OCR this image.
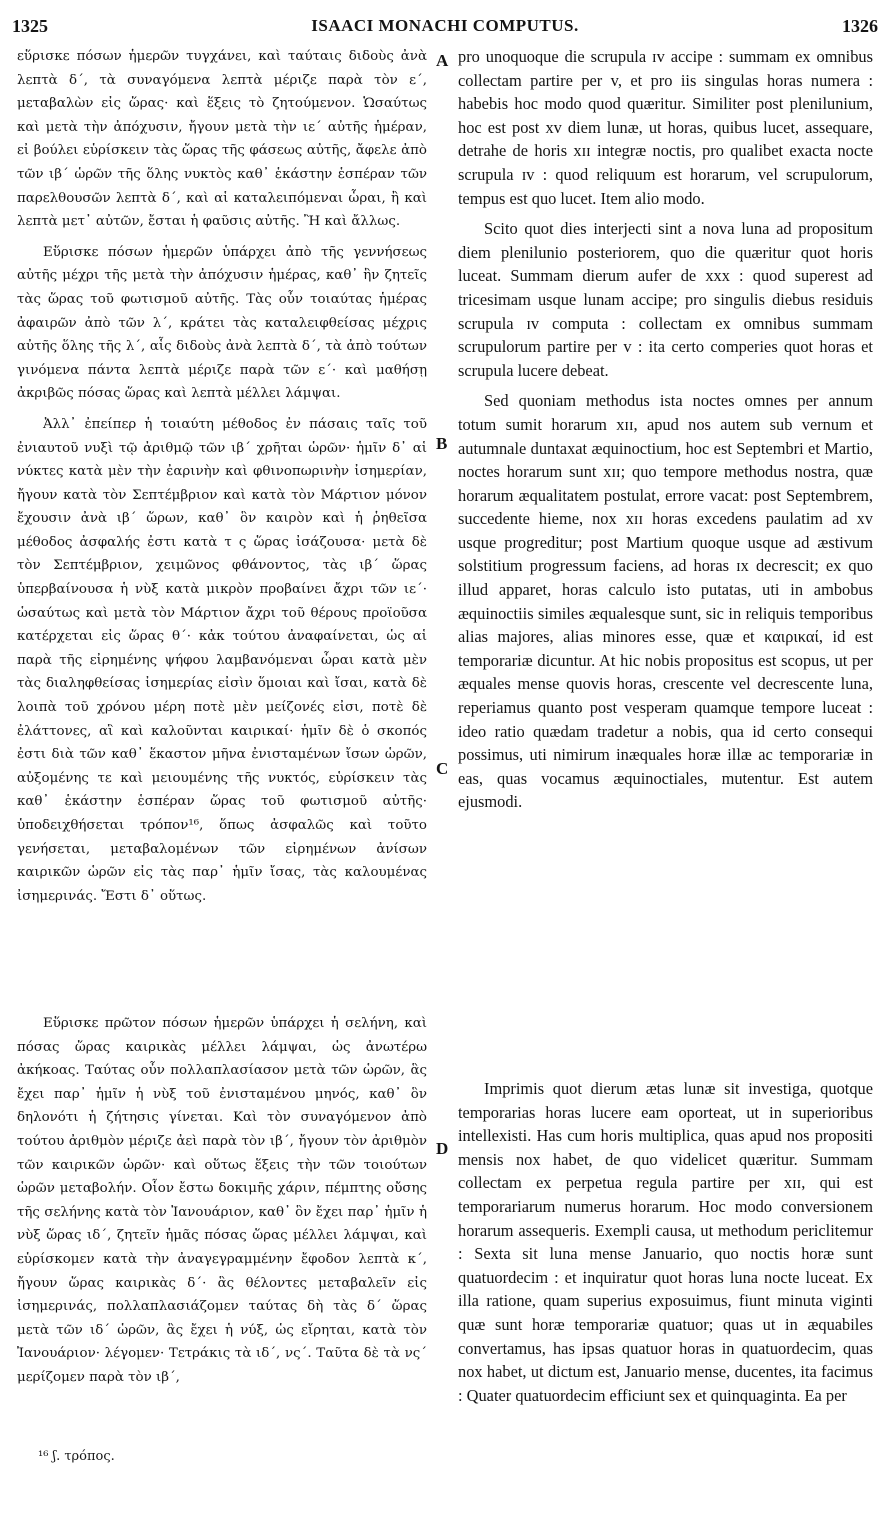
1325	ISAACI MONACHI COMPUTUS.	1326

εὕρισκε πόσων ἡμερῶν τυγχάνει, καὶ ταύταις διδοὺς ἀνὰ λεπτὰ δ΄, τὰ συναγόμενα λεπτὰ μέριζε παρὰ τὸν ε΄, μεταβαλὼν εἰς ὥρας· καὶ ἕξεις τὸ ζητούμενον. Ὡσαύτως καὶ μετὰ τὴν ἀπόχυσιν, ἤγουν μετὰ τὴν ιε΄ αὐτῆς ἡμέραν, εἰ βούλει εὑρίσκειν τὰς ὥρας τῆς φάσεως αὐτῆς, ἄφελε ἀπὸ τῶν ιβ΄ ὡρῶν τῆς ὅλης νυκτὸς καθ᾽ ἑκάστην ἑσπέραν τῶν παρελθουσῶν λεπτὰ δ΄, καὶ αἱ καταλειπόμεναι ὧραι, ἢ καὶ λεπτὰ μετ᾽ αὐτῶν, ἔσται ἡ φαῦσις αὐτῆς. Ἢ καὶ ἄλλως.

Εὕρισκε πόσων ἡμερῶν ὑπάρχει ἀπὸ τῆς γεννήσεως αὐτῆς μέχρι τῆς μετὰ τὴν ἀπόχυσιν ἡμέρας, καθ᾽ ἣν ζητεῖς τὰς ὥρας τοῦ φωτισμοῦ αὐτῆς. Τὰς οὖν τοιαύτας ἡμέρας ἀφαιρῶν ἀπὸ τῶν λ΄, κράτει τὰς καταλειφθείσας μέχρις αὐτῆς ὅλης τῆς λ΄, αἷς διδοὺς ἀνὰ λεπτὰ δ΄, τὰ ἀπὸ τούτων γινόμενα πάντα λεπτὰ μέριζε παρὰ τῶν ε΄· καὶ μαθήσῃ ἀκριβῶς πόσας ὥρας καὶ λεπτὰ μέλλει λάμψαι.

Ἀλλ᾽ ἐπείπερ ἡ τοιαύτη μέθοδος ἐν πάσαις ταῖς τοῦ ἐνιαυτοῦ νυξὶ τῷ ἀριθμῷ τῶν ιβ΄ χρῆται ὡρῶν· ἡμῖν δ᾽ αἱ νύκτες κατὰ μὲν τὴν ἐαρινὴν καὶ φθινοπωρινὴν ἰσημερίαν, ἤγουν κατὰ τὸν Σεπτέμβριον καὶ κατὰ τὸν Μάρτιον μόνον ἔχουσιν ἀνὰ ιβ΄ ὥρων, καθ᾽ ὃν καιρὸν καὶ ἡ ῥηθεῖσα μέθοδος ἀσφαλής ἐστι κατὰ τ ς ὥρας ἰσάζουσα· μετὰ δὲ τὸν Σεπτέμβριον, χειμῶνος φθάνοντος, τὰς ιβ΄ ὥρας ὑπερβαίνουσα ἡ νὺξ κατὰ μικρὸν προβαίνει ἄχρι τῶν ιε΄· ὡσαύτως καὶ μετὰ τὸν Μάρτιον ἄχρι τοῦ θέρους προϊοῦσα κατέρχεται εἰς ὥρας θ΄· κἀκ τούτου ἀναφαίνεται, ὡς αἱ παρὰ τῆς εἰρημένης ψήφου λαμβανόμεναι ὧραι κατὰ μὲν τὰς διαληφθείσας ἰσημερίας εἰσὶν ὅμοιαι καὶ ἴσαι, κατὰ δὲ λοιπὰ τοῦ χρόνου μέρη ποτὲ μὲν μείζονές εἰσι, ποτὲ δὲ ἐλάττονες, αἳ καὶ καλοῦνται καιρικαί· ἡμῖν δὲ ὁ σκοπός ἐστι διὰ τῶν καθ᾽ ἕκαστον μῆνα ἐνισταμένων ἴσων ὡρῶν, αὐξομένης τε καὶ μειουμένης τῆς νυκτός, εὑρίσκειν τὰς καθ᾽ ἑκάστην ἑσπέραν ὥρας τοῦ φωτισμοῦ αὐτῆς· ὑποδειχθήσεται τρόπον¹⁶, ὅπως ἀσφαλῶς καὶ τοῦτο γενήσεται, μεταβαλομένων τῶν εἰρημένων ἀνίσων καιρικῶν ὡρῶν εἰς τὰς παρ᾽ ἡμῖν ἴσας, τὰς καλουμένας ἰσημερινάς. Ἔστι δ᾽ οὕτως.

Εὕρισκε πρῶτον πόσων ἡμερῶν ὑπάρχει ἡ σελήνη, καὶ πόσας ὥρας καιρικὰς μέλλει λάμψαι, ὡς ἀνωτέρω ἀκήκοας. Ταύτας οὖν πολλαπλασίασον μετὰ τῶν ὡρῶν, ἃς ἔχει παρ᾽ ἡμῖν ἡ νὺξ τοῦ ἐνισταμένου μηνός, καθ᾽ ὃν δηλονότι ἡ ζήτησις γίνεται. Καὶ τὸν συναγόμενον ἀπὸ τούτου ἀριθμὸν μέριζε ἀεὶ παρὰ τὸν ιβ΄, ἤγουν τὸν ἀριθμὸν τῶν καιρικῶν ὡρῶν· καὶ οὕτως ἕξεις τὴν τῶν τοιούτων ὡρῶν μεταβολήν. Οἷον ἔστω δοκιμῆς χάριν, πέμπτης οὔσης τῆς σελήνης κατὰ τὸν Ἰανουάριον, καθ᾽ ὃν ἔχει παρ᾽ ἡμῖν ἡ νὺξ ὥρας ιδ΄, ζητεῖν ἡμᾶς πόσας ὥρας μέλλει λάμψαι, καὶ εὑρίσκομεν κατὰ τὴν ἀναγεγραμμένην ἔφοδον λεπτὰ κ΄, ἤγουν ὥρας καιρικὰς δ΄· ἃς θέλοντες μεταβαλεῖν εἰς ἰσημερινάς, πολλαπλασιάζομεν ταύτας δὴ τὰς δ΄ ὥρας μετὰ τῶν ιδ΄ ὡρῶν, ἃς ἔχει ἡ νύξ, ὡς εἴρηται, κατὰ τὸν Ἰανουάριον· λέγομεν· Τετράκις τὰ ιδ΄, νς΄. Ταῦτα δὲ τὰ νς΄ μερίζομεν παρὰ τὸν ιβ΄,

pro unoquoque die scrupula ɪv accipe : summam ex omnibus collectam partire per v, et pro iis singulas horas numera : habebis hoc modo quod quæritur. Similiter post plenilunium, hoc est post xv diem lunæ, ut horas, quibus lucet, assequare, detrahe de horis xɪɪ integræ noctis, pro qualibet exacta nocte scrupula ɪv : quod reliquum est horarum, vel scrupulorum, tempus est quo lucet. Item alio modo.

Scito quot dies interjecti sint a nova luna ad propositum diem plenilunio posteriorem, quo die quæritur quot horis luceat. Summam dierum aufer de xxx : quod superest ad tricesimam usque lunam accipe; pro singulis diebus residuis scrupula ɪv computa : collectam ex omnibus summam scrupulorum partire per v : ita certo comperies quot horas et scrupula lucere debeat.

Sed quoniam methodus ista noctes omnes per annum totum sumit horarum xɪɪ, apud nos autem sub vernum et autumnale duntaxat æquinoctium, hoc est Septembri et Martio, noctes horarum sunt xɪɪ; quo tempore methodus nostra, quæ horarum æqualitatem postulat, errore vacat: post Septembrem, succedente hieme, nox xɪɪ horas excedens paulatim ad xv usque progreditur; post Martium quoque usque ad æstivum solstitium progressum faciens, ad horas ɪx decrescit; ex quo illud apparet, horas calculo isto putatas, uti in ambobus æquinoctiis similes æqualesque sunt, sic in reliquis temporibus alias majores, alias minores esse, quæ et καιρικαί, id est temporariæ dicuntur. At hic nobis propositus est scopus, ut per æquales mense quovis horas, crescente vel decrescente luna, reperiamus quanto post vesperam quamque tempore luceat : ideo ratio quædam tradetur a nobis, qua id certo consequi possimus, uti nimirum inæquales horæ illæ ac temporariæ in eas, quas vocamus æquinoctiales, mutentur. Est autem ejusmodi.

Imprimis quot dierum ætas lunæ sit investiga, quotque temporarias horas lucere eam oporteat, ut in superioribus intellexisti. Has cum horis multiplica, quas apud nos propositi mensis nox habet, de quo videlicet quæritur. Summam collectam ex perpetua regula partire per xɪɪ, qui est temporariarum numerus horarum. Hoc modo conversionem horarum assequeris. Exempli causa, ut methodum periclitemur : Sexta sit luna mense Januario, quo noctis horæ sunt quatuordecim : et inquiratur quot horas luna nocte luceat. Ex illa ratione, quam superius exposuimus, fiunt minuta viginti quæ sunt horæ temporariæ quatuor; quas ut in æquabiles convertamus, has ipsas quatuor horas in quatuordecim, quas nox habet, ut dictum est, Januario mense, ducentes, ita facimus : Quater quatuordecim efficiunt sex et quinquaginta. Ea per

A
B
C
D
¹⁶ ʃ. τρόπος.
